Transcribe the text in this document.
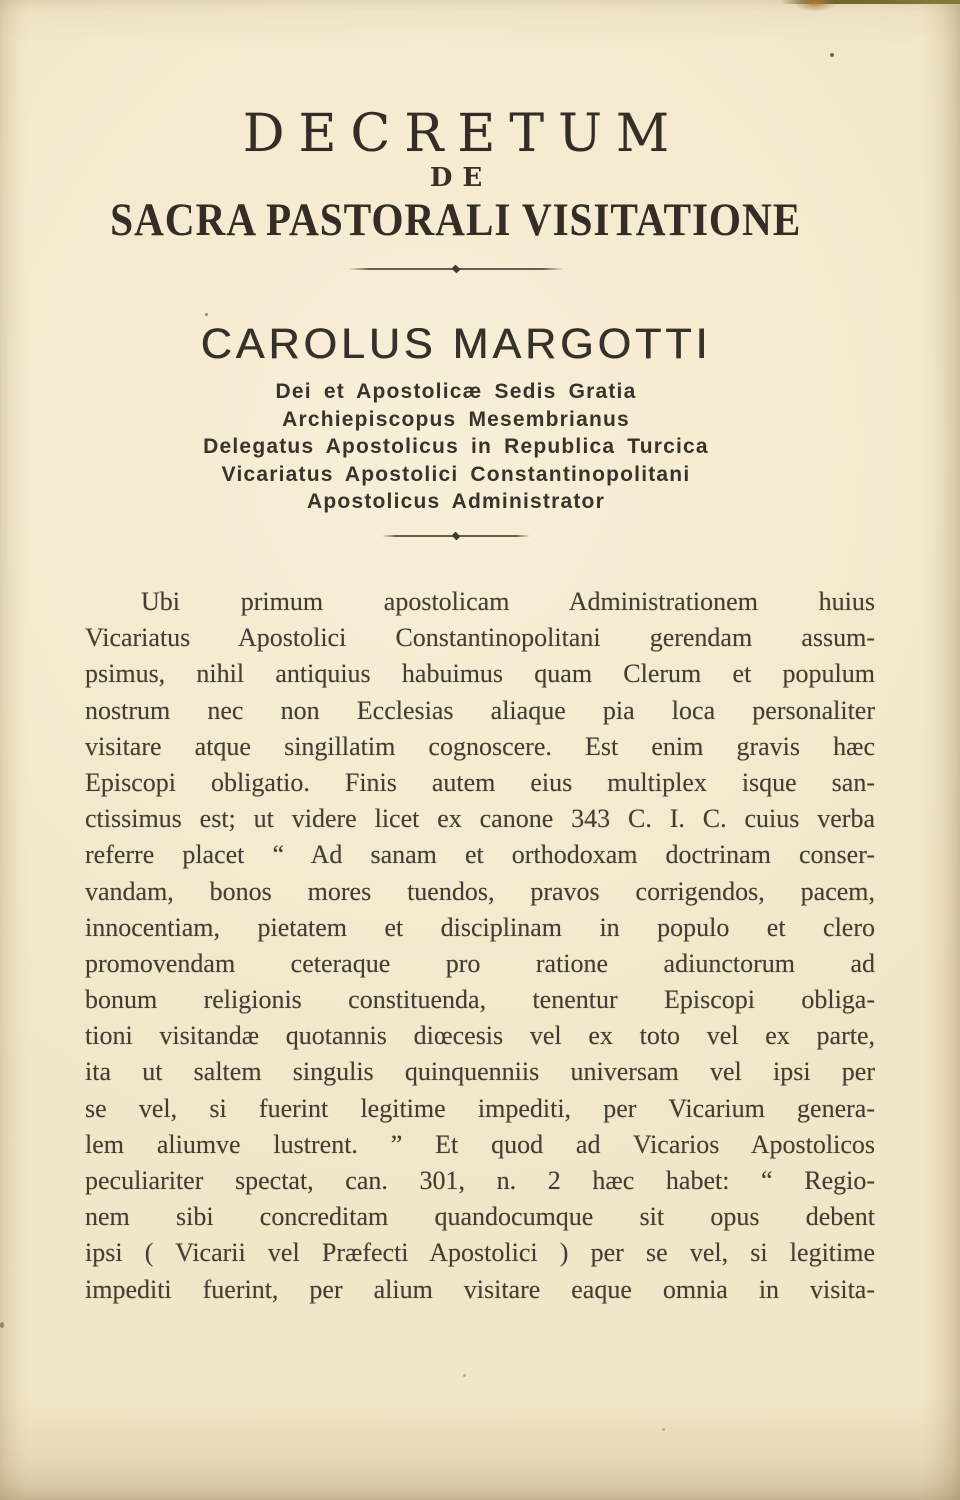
DECRETUM
DE
SACRA PASTORALI VISITATIONE
CAROLUS MARGOTTI
Dei et Apostolicæ Sedis Gratia
Archiepiscopus Mesembrianus
Delegatus Apostolicus in Republica Turcica
Vicariatus Apostolici Constantinopolitani
Apostolicus Administrator
Ubi primum apostolicam Administrationem huius
Vicariatus Apostolici Constantinopolitani gerendam assum-
psimus, nihil antiquius habuimus quam Clerum et populum
nostrum nec non Ecclesias aliaque pia loca personaliter
visitare atque singillatim cognoscere. Est enim gravis hæc
Episcopi obligatio. Finis autem eius multiplex isque san-
ctissimus est; ut videre licet ex canone 343 C. I. C. cuius verba
referre placet “ Ad sanam et orthodoxam doctrinam conser-
vandam, bonos mores tuendos, pravos corrigendos, pacem,
innocentiam, pietatem et disciplinam in populo et clero
promovendam ceteraque pro ratione adiunctorum ad
bonum religionis constituenda, tenentur Episcopi obliga-
tioni visitandæ quotannis diœcesis vel ex toto vel ex parte,
ita ut saltem singulis quinquenniis universam vel ipsi per
se vel, si fuerint legitime impediti, per Vicarium genera-
lem aliumve lustrent. ” Et quod ad Vicarios Apostolicos
peculiariter spectat, can. 301, n. 2 hæc habet: “ Regio-
nem sibi concreditam quandocumque sit opus debent
ipsi ( Vicarii vel Præfecti Apostolici ) per se vel, si legitime
impediti fuerint, per alium visitare eaque omnia in visita-
